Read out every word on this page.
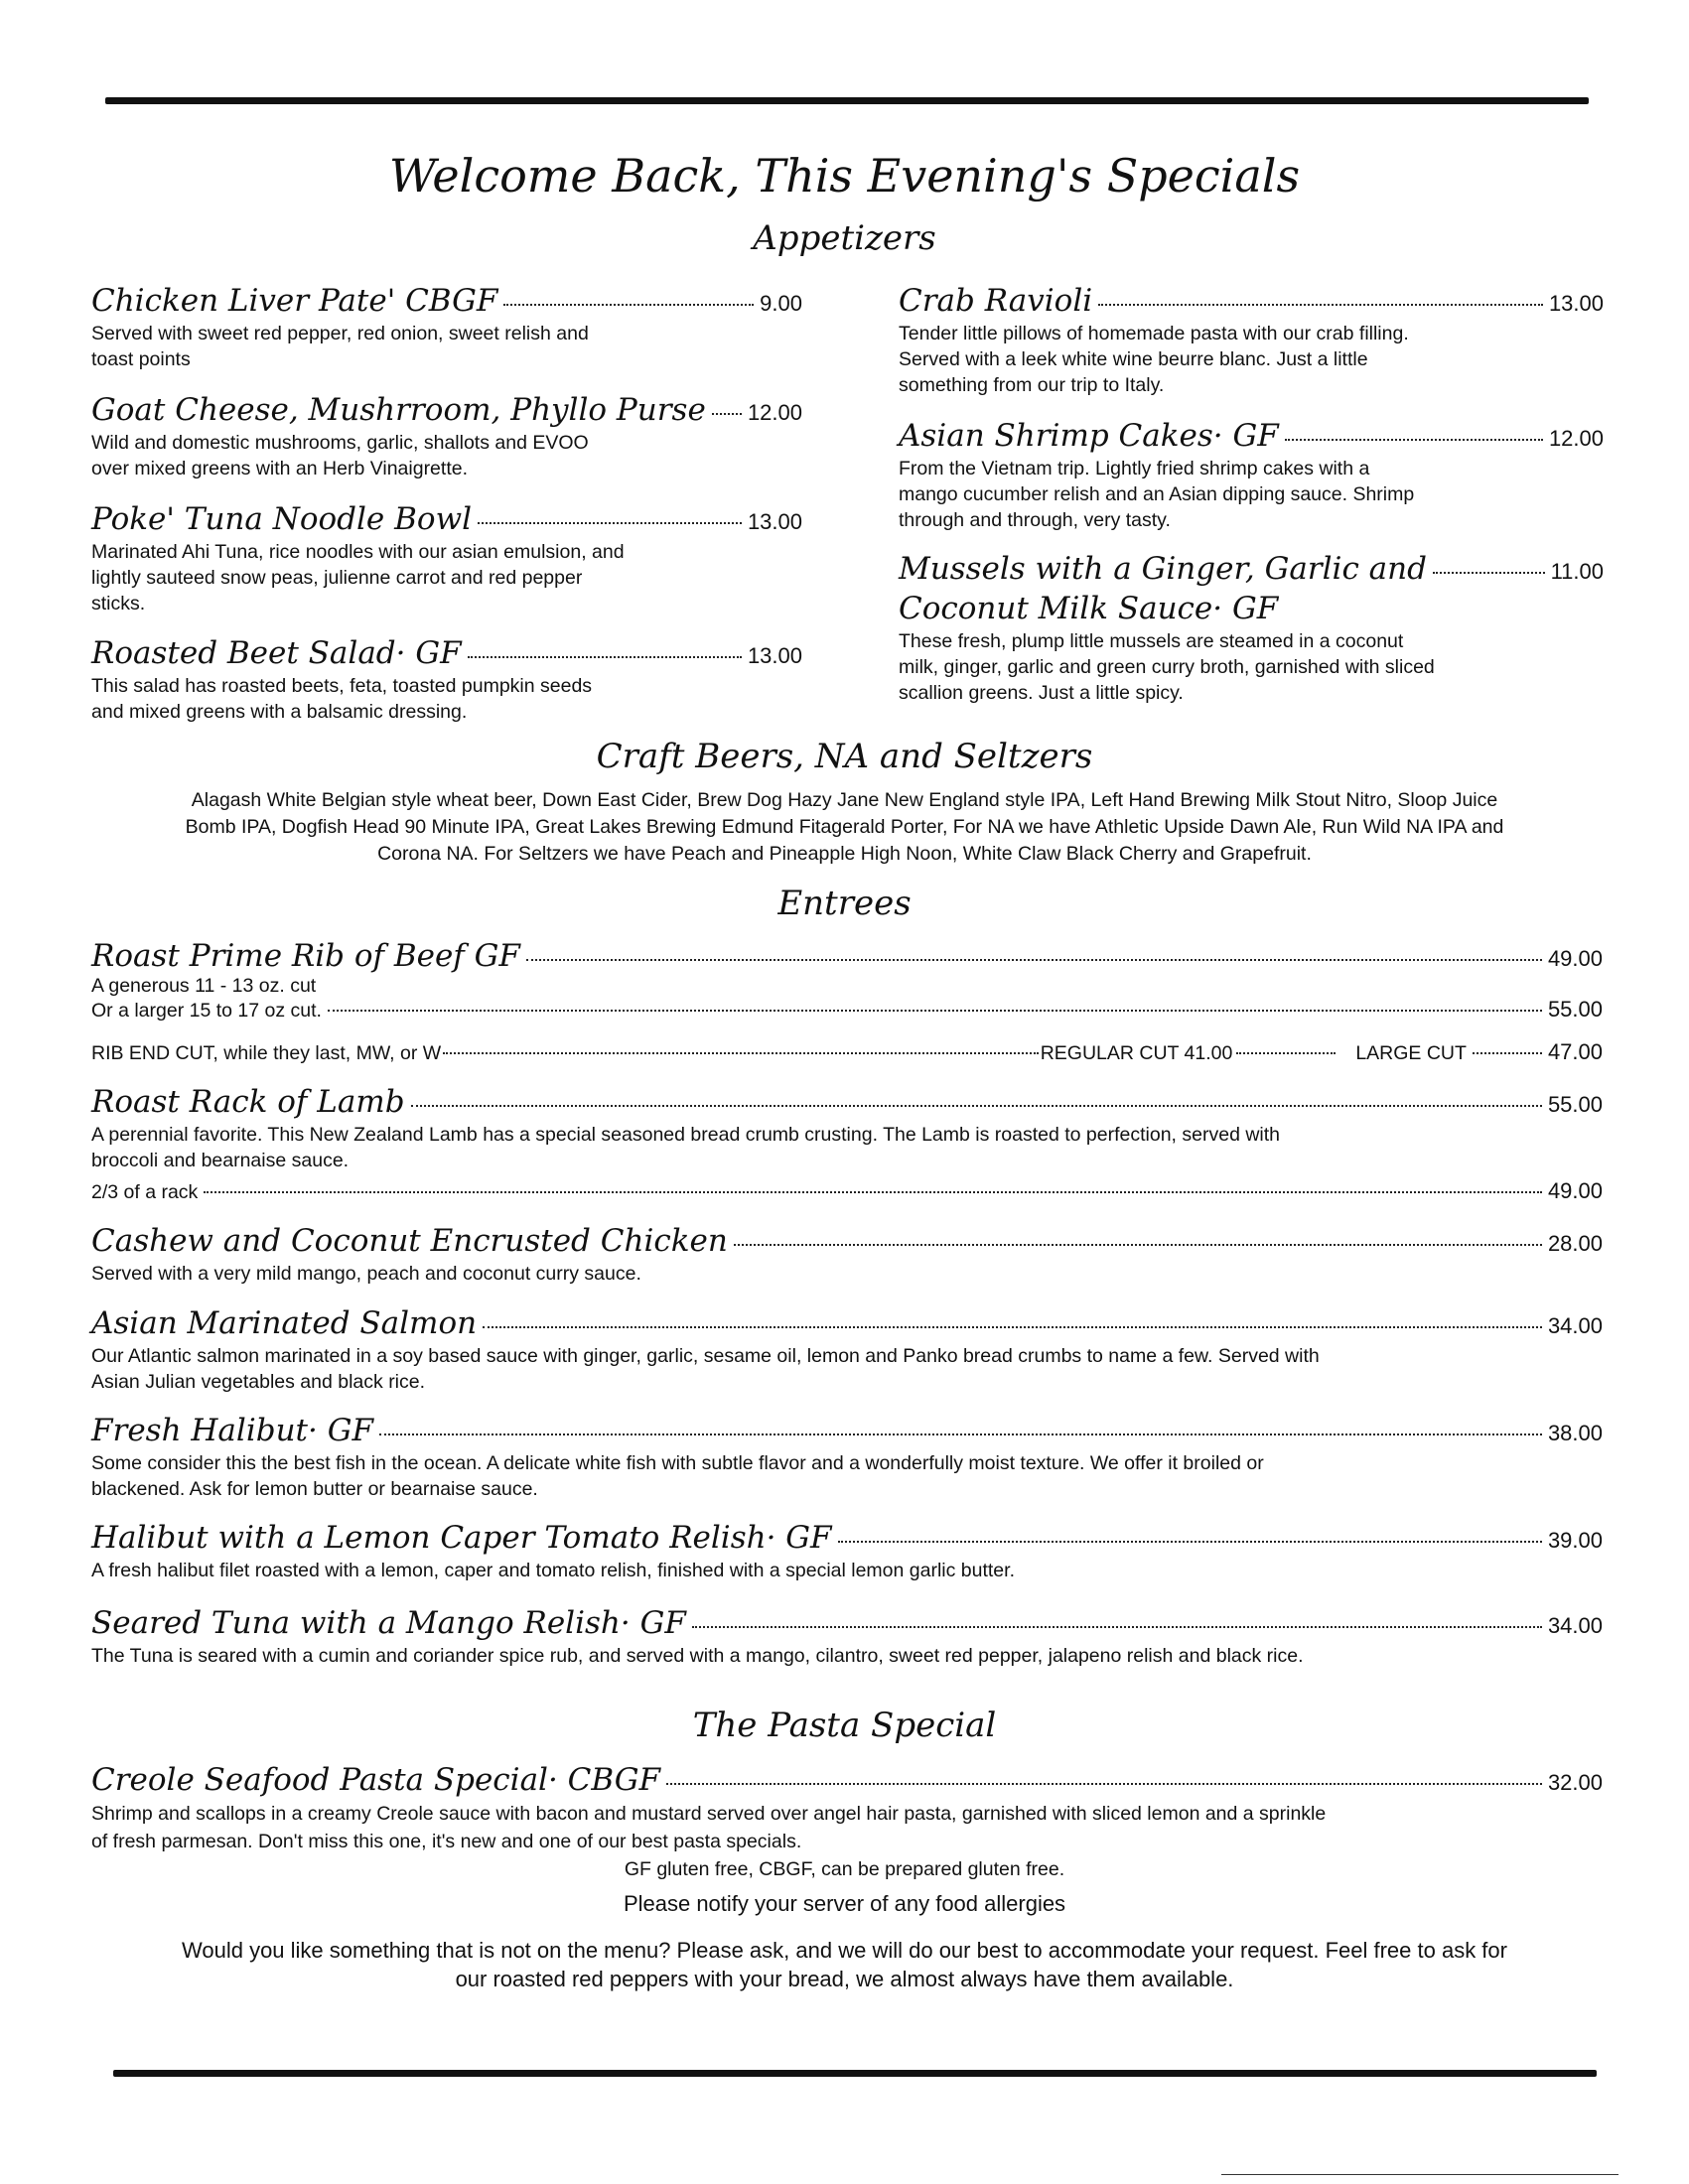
Welcome Back, This Evening's Specials
Appetizers
Chicken Liver Pate' CBGF	9.00
Served with sweet red pepper, red onion, sweet relish and
toast points
Goat Cheese, Mushrroom, Phyllo Purse 12.00
Wild and domestic mushrooms, garlic, shallots and EVOO
over mixed greens with an Herb Vinaigrette.
Poke' Tuna Noodle Bowl	13.00
Marinated Ahi Tuna, rice noodles with our asian emulsion, and
lightly sauteed snow peas, julienne carrot and red pepper
sticks.
Roasted Beet Salad· GF	13.00
This salad has roasted beets, feta, toasted pumpkin seeds
and mixed greens with a balsamic dressing.
Crab Ravioli	13.00
Tender little pillows of homemade pasta with our crab filling.
Served with a leek white wine beurre blanc. Just a little
something from our trip to Italy.
Asian Shrimp Cakes· GF	12.00
From the Vietnam trip. Lightly fried shrimp cakes with a
mango cucumber relish and an Asian dipping sauce. Shrimp
through and through, very tasty.
Mussels with a Ginger, Garlic and	11.00
Coconut Milk Sauce· GF
These fresh, plump little mussels are steamed in a coconut
milk, ginger, garlic and green curry broth, garnished with sliced
scallion greens. Just a little spicy.
Craft Beers, NA and Seltzers
Alagash White Belgian style wheat beer, Down East Cider, Brew Dog Hazy Jane New England style IPA, Left Hand Brewing Milk Stout Nitro, Sloop Juice
Bomb IPA, Dogfish Head 90 Minute IPA, Great Lakes Brewing Edmund Fitagerald Porter, For NA we have Athletic Upside Dawn Ale, Run Wild NA IPA and
Corona NA. For Seltzers we have Peach and Pineapple High Noon, White Claw Black Cherry and Grapefruit.
Entrees
Roast Prime Rib of Beef GF	49.00
A generous 11 - 13 oz. cut
Or a larger 15 to 17 oz cut.	55.00
RIB END CUT, while they last, MW, or W	REGULAR CUT 41.00	LARGE CUT	47.00
Roast Rack of Lamb	55.00
A perennial favorite. This New Zealand Lamb has a special seasoned bread crumb crusting. The Lamb is roasted to perfection, served with
broccoli and bearnaise sauce.
2/3 of a rack	49.00
Cashew and Coconut Encrusted Chicken	28.00
Served with a very mild mango, peach and coconut curry sauce.
Asian Marinated Salmon	34.00
Our Atlantic salmon marinated in a soy based sauce with ginger, garlic, sesame oil, lemon and Panko bread crumbs to name a few. Served with
Asian Julian vegetables and black rice.
Fresh Halibut· GF	38.00
Some consider this the best fish in the ocean. A delicate white fish with subtle flavor and a wonderfully moist texture. We offer it broiled or
blackened. Ask for lemon butter or bearnaise sauce.
Halibut with a Lemon Caper Tomato Relish· GF	39.00
A fresh halibut filet roasted with a lemon, caper and tomato relish, finished with a special lemon garlic butter.
Seared Tuna with a Mango Relish· GF	34.00
The Tuna is seared with a cumin and coriander spice rub, and served with a mango, cilantro, sweet red pepper, jalapeno relish and black rice.
The Pasta Special
Creole Seafood Pasta Special· CBGF	32.00
Shrimp and scallops in a creamy Creole sauce with bacon and mustard served over angel hair pasta, garnished with sliced lemon and a sprinkle
of fresh parmesan. Don't miss this one, it's new and one of our best pasta specials.
GF gluten free, CBGF, can be prepared gluten free.
Please notify your server of any food allergies
Would you like something that is not on the menu? Please ask, and we will do our best to accommodate your request. Feel free to ask for
our roasted red peppers with your bread, we almost always have them available.
